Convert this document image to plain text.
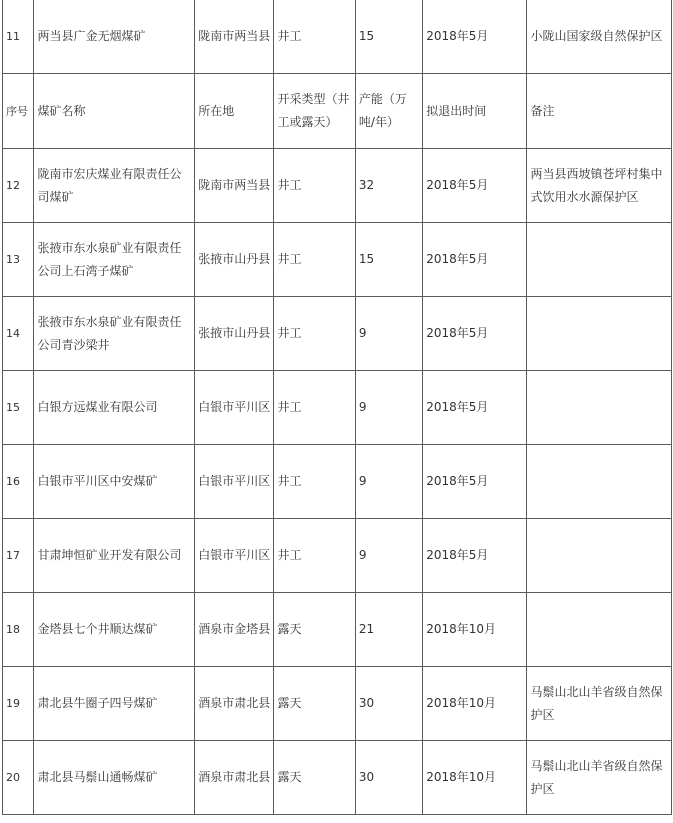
11	两当县广金无烟煤矿	陇南市两当县	井工	15	2018年5月	小陇山国家级自然保护区
序号	煤矿名称	所在地	开采类型（井工或露天）	产能（万吨/年）	拟退出时间	备注
12	陇南市宏庆煤业有限责任公司煤矿	陇南市两当县	井工	32	2018年5月	两当县西坡镇苍坪村集中式饮用水水源保护区
13	张掖市东水泉矿业有限责任公司上石湾子煤矿	张掖市山丹县	井工	15	2018年5月	
14	张掖市东水泉矿业有限责任公司青沙梁井	张掖市山丹县	井工	9	2018年5月	
15	白银方远煤业有限公司	白银市平川区	井工	9	2018年5月	
16	白银市平川区中安煤矿	白银市平川区	井工	9	2018年5月	
17	甘肃坤恒矿业开发有限公司	白银市平川区	井工	9	2018年5月	
18	金塔县七个井顺达煤矿	酒泉市金塔县	露天	21	2018年10月	
19	肃北县牛圈子四号煤矿	酒泉市肃北县	露天	30	2018年10月	马鬃山北山羊省级自然保护区
20	肃北县马鬃山通畅煤矿	酒泉市肃北县	露天	30	2018年10月	马鬃山北山羊省级自然保护区
